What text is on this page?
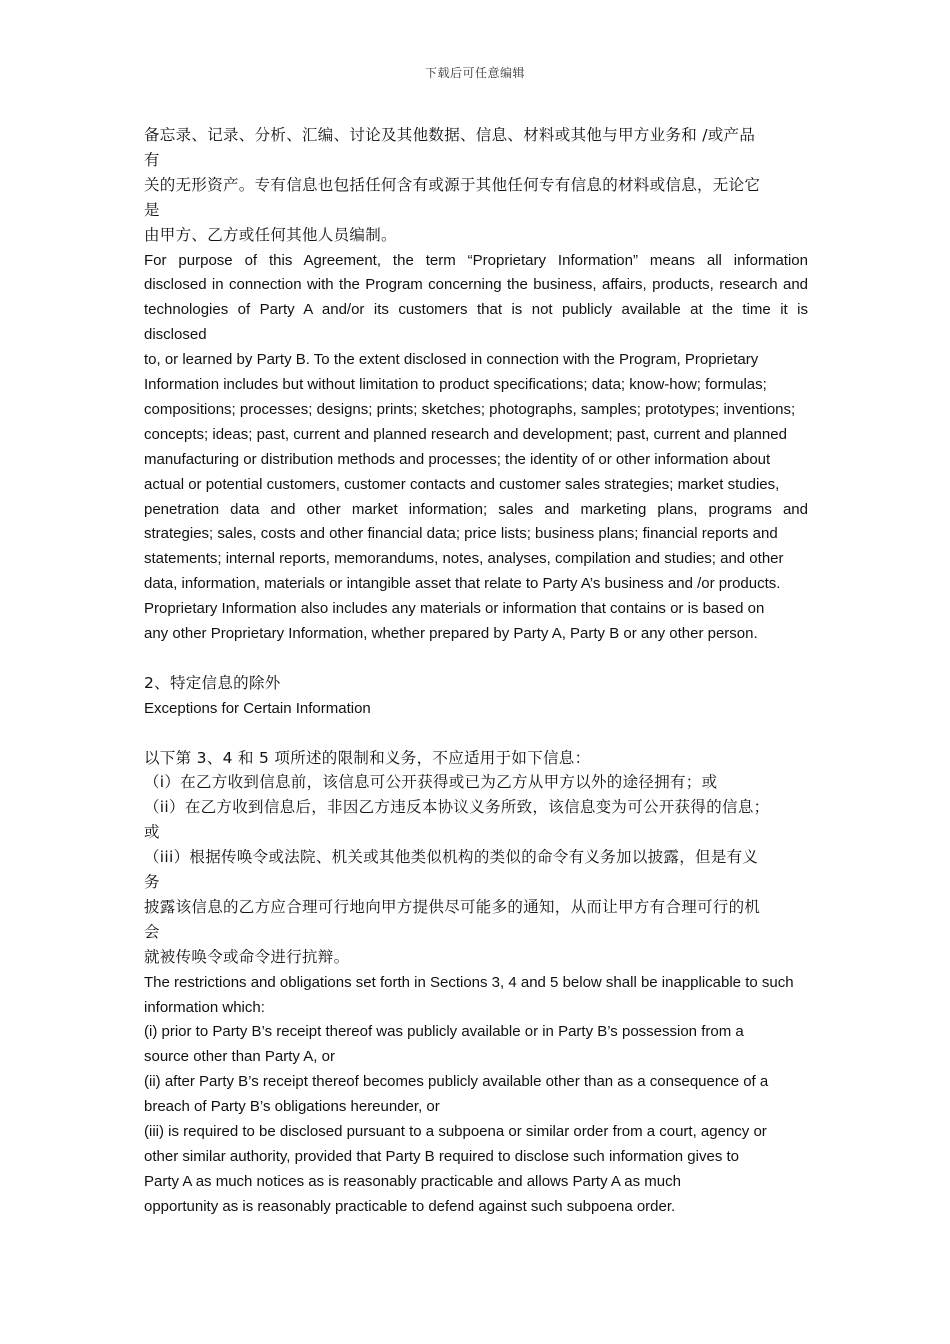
下载后可任意编辑
备忘录、记录、分析、汇编、讨论及其他数据、信息、材料或其他与甲方业务和 /或产品
有
关的无形资产。专有信息也包括任何含有或源于其他任何专有信息的材料或信息，无论它
是
由甲方、乙方或任何其他人员编制。
For purpose of this Agreement, the term “Proprietary Information” means all information
disclosed in connection with the Program concerning the business, affairs, products, research and
technologies of Party A and/or its customers that is not publicly available at the time it is
disclosed
to, or learned by Party B. To the extent disclosed in connection with the Program, Proprietary
Information includes but without limitation to product specifications; data; know-how; formulas;
compositions; processes; designs; prints; sketches; photographs, samples; prototypes; inventions;
concepts; ideas; past, current and planned research and development; past, current and planned
manufacturing or distribution methods and processes; the identity of or other information about
actual or potential customers, customer contacts and customer sales strategies; market studies,
penetration data and other market information; sales and marketing plans, programs and
strategies; sales, costs and other financial data; price lists; business plans; financial reports and
statements; internal reports, memorandums, notes, analyses, compilation and studies; and other
data, information, materials or intangible asset that relate to Party A’s business and /or products.
Proprietary Information also includes any materials or information that contains or is based on
any other Proprietary Information, whether prepared by Party A, Party B or any other person.
2、特定信息的除外
Exceptions for Certain Information
以下第 3、4 和 5 项所述的限制和义务，不应适用于如下信息：
（i）在乙方收到信息前，该信息可公开获得或已为乙方从甲方以外的途径拥有；或
（ii）在乙方收到信息后，非因乙方违反本协议义务所致，该信息变为可公开获得的信息；
或
（iii）根据传唤令或法院、机关或其他类似机构的类似的命令有义务加以披露，但是有义
务
披露该信息的乙方应合理可行地向甲方提供尽可能多的通知，从而让甲方有合理可行的机
会
就被传唤令或命令进行抗辩。
The restrictions and obligations set forth in Sections 3, 4 and 5 below shall be inapplicable to such
information which:
(i) prior to Party B’s receipt thereof was publicly available or in Party B’s possession from a
source other than Party A, or
(ii) after Party B’s receipt thereof becomes publicly available other than as a consequence of a
breach of Party B’s obligations hereunder, or
(iii) is required to be disclosed pursuant to a subpoena or similar order from a court, agency or
other similar authority, provided that Party B required to disclose such information gives to
Party A as much notices as is reasonably practicable and allows Party A as much
opportunity as is reasonably practicable to defend against such subpoena order.
